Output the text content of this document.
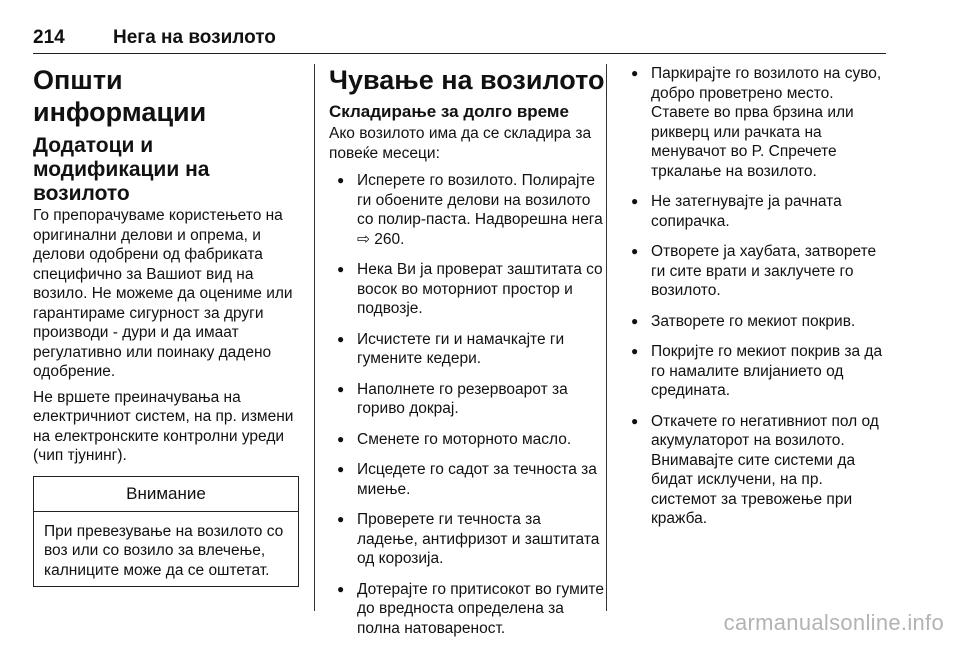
214	Нега на возилото
Општи информации
Додатоци и модификации на возилото

Го препорачуваме користењето на оригинални делови и опрема, и делови одобрени од фабриката специфично за Вашиот вид на возило. Не можеме да оцениме или гарантираме сигурност за други производи - дури и да имаат регулативно или поинаку дадено одобрение.

Не вршете преиначувања на електричниот систем, на пр. измени на електронските контролни уреди (чип тјунинг).

Внимание
При превезување на возилото со воз или со возило за влечење, калниците може да се оштетат.
Чување на возилото
Складирање за долго време

Ако возилото има да се складира за повеќе месеци:

● Исперете го возилото. Полирајте ги обоените делови на возилото со полир-паста. Надворешна нега ⇨ 260.
● Нека Ви ја проверат заштитата со восок во моторниот простор и подвозје.
● Исчистете ги и намачкајте ги гумените кедери.
● Наполнете го резервоарот за гориво докрај.
● Сменете го моторното масло.
● Исцедете го садот за течноста за миење.
● Проверете ги течноста за ладење, антифризот и заштитата од корозија.
● Дотерајте го притисокот во гумите до вредноста определена за полна натовареност.
● Паркирајте го возилото на суво, добро проветрено место. Ставете во прва брзина или рикверц или рачката на менувачот во P. Спречете тркалање на возилото.
● Не затегнувајте ја рачната сопирачка.
● Отворете ја хаубата, затворете ги сите врати и заклучете го возилото.
● Затворете го мекиот покрив.
● Покријте го мекиот покрив за да го намалите влијанието од средината.
● Откачете го негативниот пол од акумулаторот на возилото. Внимавајте сите системи да бидат исклучени, на пр. системот за тревожење при кражба.
carmanualsonline.info
